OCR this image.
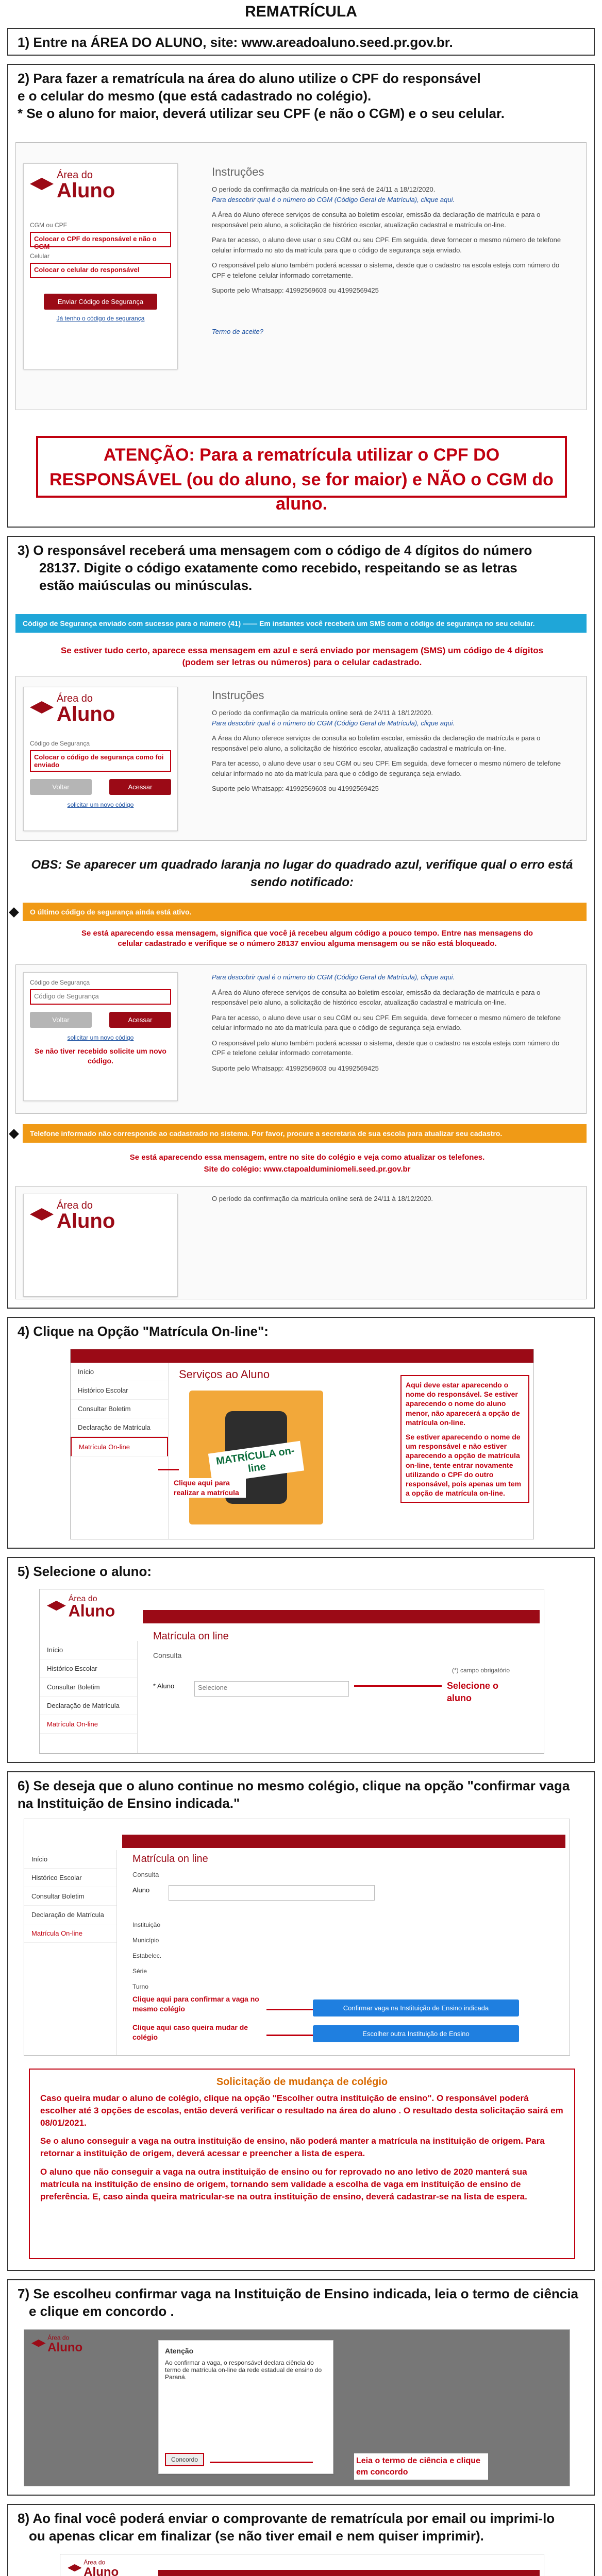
REMATRÍCULA
1) Entre na ÁREA DO ALUNO, site: www.areadoaluno.seed.pr.gov.br.
2) Para fazer a rematrícula na área do aluno utilize o CPF do responsável
e o celular do mesmo (que está cadastrado no colégio).
* Se o aluno for maior, deverá utilizar seu CPF (e não o CGM) e o seu celular.
Área do
Aluno
CGM ou CPF
Colocar o CPF do responsável e não o CGM
Celular
Colocar o celular do responsável
Enviar Código de Segurança
Já tenho o código de segurança
Instruções

O período da confirmação da matrícula on-line será de 24/11 a 18/12/2020.

Para descobrir qual é o número do CGM (Código Geral de Matrícula), clique aqui.

A Área do Aluno oferece serviços de consulta ao boletim escolar, emissão da declaração de matrícula e para o responsável pelo aluno, a solicitação de histórico escolar, atualização cadastral e matrícula on-line.

Para ter acesso, o aluno deve usar o seu CGM ou seu CPF. Em seguida, deve fornecer o mesmo número de telefone celular informado no ato da matrícula para que o código de segurança seja enviado.

O responsável pelo aluno também poderá acessar o sistema, desde que o cadastro na escola esteja com número do CPF e telefone celular informado corretamente.

Suporte pelo Whatsapp: 41992569603 ou 41992569425

Termo de aceite?

ATENÇÃO: Para a rematrícula utilizar o CPF DO RESPONSÁVEL (ou do aluno, se for maior) e NÃO o CGM do aluno.
3) O responsável receberá uma mensagem com o código de 4 dígitos do número
28137. Digite o código exatamente como recebido, respeitando se as letras
estão maiúsculas ou minúsculas.
Código de Segurança enviado com sucesso para o número (41) —— Em instantes você receberá um SMS com o código de segurança no seu celular.
Se estiver tudo certo, aparece essa mensagem em azul e será enviado por mensagem (SMS) um código de 4 dígitos (podem ser letras ou números) para o celular cadastrado.
Área do
Aluno
Código de Segurança
Colocar o código de segurança como foi enviado
Voltar	Acessar
solicitar um novo código
Instruções

O período da confirmação da matrícula online será de 24/11 à 18/12/2020.

Para descobrir qual é o número do CGM (Código Geral de Matrícula), clique aqui.

A Área do Aluno oferece serviços de consulta ao boletim escolar, emissão da declaração de matrícula e para o responsável pelo aluno, a solicitação de histórico escolar, atualização cadastral e matrícula on-line.

Para ter acesso, o aluno deve usar o seu CGM ou seu CPF. Em seguida, deve fornecer o mesmo número de telefone celular informado no ato da matrícula para que o código de segurança seja enviado.

Suporte pelo Whatsapp: 41992569603 ou 41992569425

OBS: Se aparecer um quadrado laranja no lugar do quadrado azul, verifique qual o erro está sendo notificado:
O último código de segurança ainda está ativo.
Se está aparecendo essa mensagem, significa que você já recebeu algum código a pouco tempo. Entre nas mensagens do celular cadastrado e verifique se o número 28137 enviou alguma mensagem ou se não está bloqueado.
Código de Segurança
Código de Segurança
Voltar	Acessar
solicitar um novo código
Se não tiver recebido solicite um novo código.

Para descobrir qual é o número do CGM (Código Geral de Matrícula), clique aqui.

A Área do Aluno oferece serviços de consulta ao boletim escolar, emissão da declaração de matrícula e para o responsável pelo aluno, a solicitação de histórico escolar, atualização cadastral e matrícula on-line.

Para ter acesso, o aluno deve usar o seu CGM ou seu CPF. Em seguida, deve fornecer o mesmo número de telefone celular informado no ato da matrícula para que o código de segurança seja enviado.

O responsável pelo aluno também poderá acessar o sistema, desde que o cadastro na escola esteja com número do CPF e telefone celular informado corretamente.

Suporte pelo Whatsapp: 41992569603 ou 41992569425

Telefone informado não corresponde ao cadastrado no sistema. Por favor, procure a secretaria de sua escola para atualizar seu cadastro.
Se está aparecendo essa mensagem, entre no site do colégio e veja como atualizar os telefones.
Site do colégio: www.ctapoalduminiomeli.seed.pr.gov.br
Área do
Aluno

O período da confirmação da matrícula online será de 24/11 à 18/12/2020.

4) Clique na Opção "Matrícula On-line":
Início
Histórico Escolar
Consultar Boletim
Declaração de Matrícula
Matrícula On-line
Serviços ao Aluno
MATRÍCULA on-line
Clique aqui para realizar a matrícula

Aqui deve estar aparecendo o nome do responsável. Se estiver aparecendo o nome do aluno menor, não aparecerá a opção de matrícula on-line.

Se estiver aparecendo o nome de um responsável e não estiver aparecendo a opção de matrícula on-line, tente entrar novamente utilizando o CPF do outro responsável, pois apenas um tem a opção de matrícula on-line.

5) Selecione o aluno:
Área do
Aluno
Início
Histórico Escolar
Consultar Boletim
Declaração de Matrícula
Matrícula On-line
Matrícula on line
Consulta
* Aluno	Selecione
(*) campo obrigatório
Selecione o aluno
6) Se deseja que o aluno continue no mesmo colégio, clique na opção "confirmar vaga
na Instituição de Ensino indicada."
Início
Histórico Escolar
Consultar Boletim
Declaração de Matrícula
Matrícula On-line
Matrícula on line
Consulta
Aluno
Instituição
Município
Estabelec.
Série
Turno
Confirmar vaga na Instituição de Ensino indicada
Escolher outra Instituição de Ensino
Clique aqui para confirmar a vaga no mesmo colégio
Clique aqui caso queira mudar de colégio
Solicitação de mudança de colégio

Caso queira mudar o aluno de colégio, clique na opção "Escolher outra instituição de ensino". O responsável poderá escolher até 3 opções de escolas, então deverá verificar o resultado na área do aluno . O resultado desta solicitação sairá em 08/01/2021.

Se o aluno conseguir a vaga na outra instituição de ensino, não poderá manter a matrícula na instituição de origem. Para retornar a instituição de origem, deverá acessar e preencher a lista de espera.

O aluno que não conseguir a vaga na outra instituição de ensino ou for reprovado no ano letivo de 2020 manterá sua matrícula na instituição de ensino de origem, tornando sem validade a escolha de vaga em instituição de ensino de preferência. E, caso ainda queira matricular-se na outra instituição de ensino, deverá cadastrar-se na lista de espera.

7) Se escolheu confirmar vaga na Instituição de Ensino indicada, leia o termo de ciência
e clique em concordo .
Área do
Aluno	Atenção

Ao confirmar a vaga, o responsável declara ciência do termo de matrícula on-line da rede estadual de ensino do Paraná.

Concordo	Leia o termo de ciência e clique em concordo
8) Ao final você poderá enviar o comprovante de rematrícula por email ou imprimi-lo
ou apenas clicar em finalizar (se não tiver email e nem quiser imprimir).
Área do
Aluno
